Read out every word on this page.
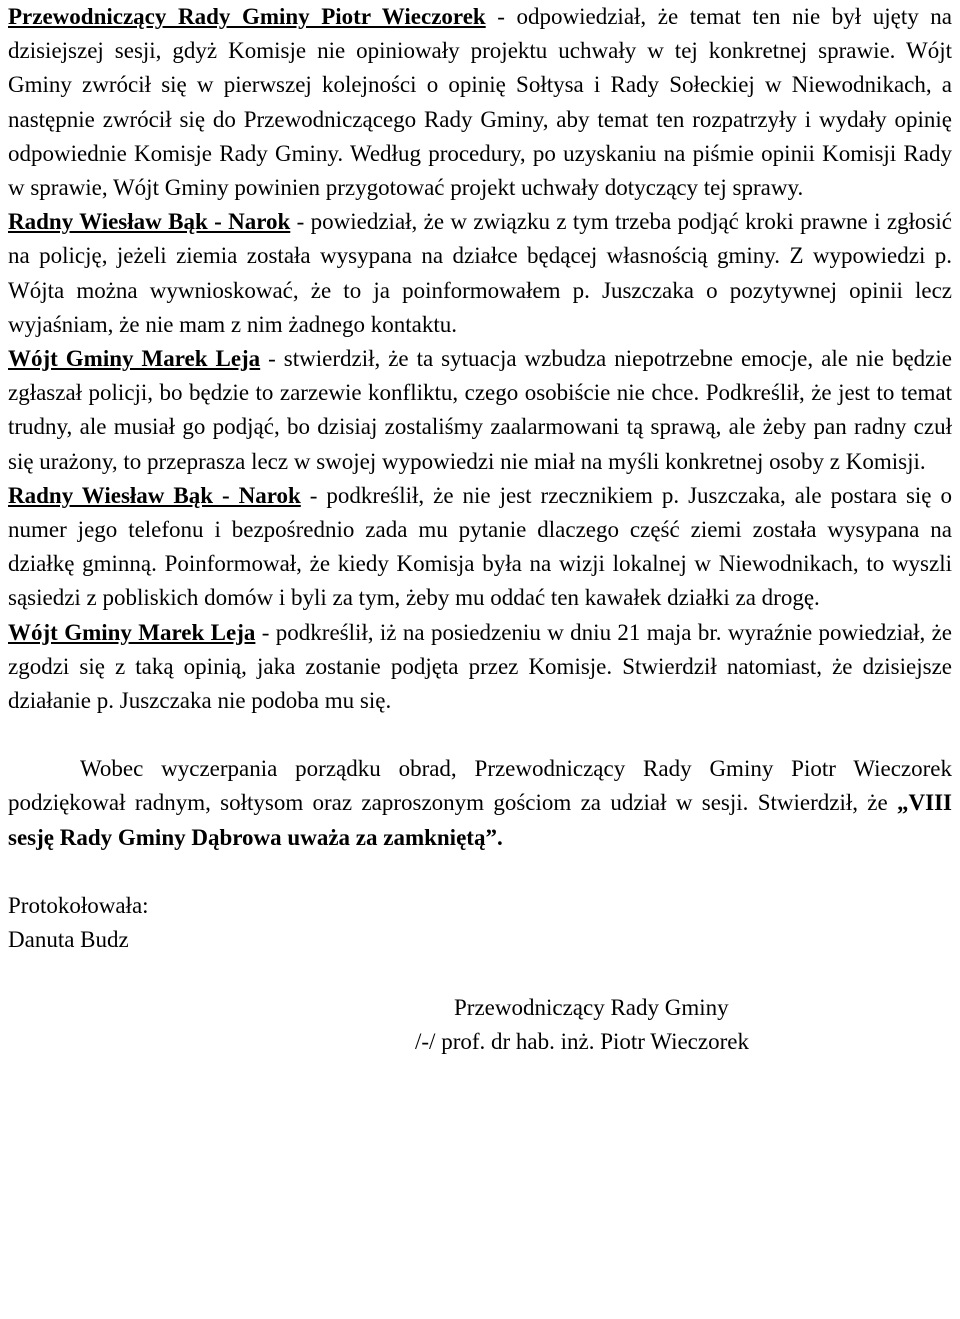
Przewodniczący Rady Gminy Piotr Wieczorek - odpowiedział, że temat ten nie był ujęty na dzisiejszej sesji, gdyż Komisje nie opiniowały projektu uchwały w tej konkretnej sprawie. Wójt Gminy zwrócił się w pierwszej kolejności o opinię Sołtysa i Rady Sołeckiej w Niewodnikach, a następnie zwrócił się do Przewodniczącego Rady Gminy, aby temat ten rozpatrzyły i wydały opinię odpowiednie Komisje Rady Gminy. Według procedury, po uzyskaniu na piśmie opinii Komisji Rady w sprawie, Wójt Gminy powinien przygotować projekt uchwały dotyczący tej sprawy.

Radny Wiesław Bąk - Narok - powiedział, że w związku z tym trzeba podjąć kroki prawne i zgłosić na policję, jeżeli ziemia została wysypana na działce będącej własnością gminy. Z wypowiedzi p. Wójta można wywnioskować, że to ja poinformowałem p. Juszczaka o pozytywnej opinii lecz wyjaśniam, że nie mam z nim żadnego kontaktu.

Wójt Gminy Marek Leja - stwierdził, że ta sytuacja wzbudza niepotrzebne emocje, ale nie będzie zgłaszał policji, bo będzie to zarzewie konfliktu, czego osobiście nie chce. Podkreślił, że jest to temat trudny, ale musiał go podjąć, bo dzisiaj zostaliśmy zaalarmowani tą sprawą, ale żeby pan radny czuł się urażony, to przeprasza lecz w swojej wypowiedzi nie miał na myśli konkretnej osoby z Komisji.

Radny Wiesław Bąk - Narok - podkreślił, że nie jest rzecznikiem p. Juszczaka, ale postara się o numer jego telefonu i bezpośrednio zada mu pytanie dlaczego część ziemi została wysypana na działkę gminną. Poinformował, że kiedy Komisja była na wizji lokalnej w Niewodnikach, to wyszli sąsiedzi z pobliskich domów i byli za tym, żeby mu oddać ten kawałek działki za drogę.

Wójt Gminy Marek Leja - podkreślił, iż na posiedzeniu w dniu 21 maja br. wyraźnie powiedział, że zgodzi się z taką opinią, jaka zostanie podjęta przez Komisje. Stwierdził natomiast, że dzisiejsze działanie p. Juszczaka nie podoba mu się.

Wobec wyczerpania porządku obrad, Przewodniczący Rady Gminy Piotr Wieczorek podziękował radnym, sołtysom oraz zaproszonym gościom za udział w sesji. Stwierdził, że „VIII sesję Rady Gminy Dąbrowa uważa za zamkniętą”.

Protokołowała:

Danuta Budz

Przewodniczący Rady Gminy

/-/ prof. dr hab. inż. Piotr Wieczorek
